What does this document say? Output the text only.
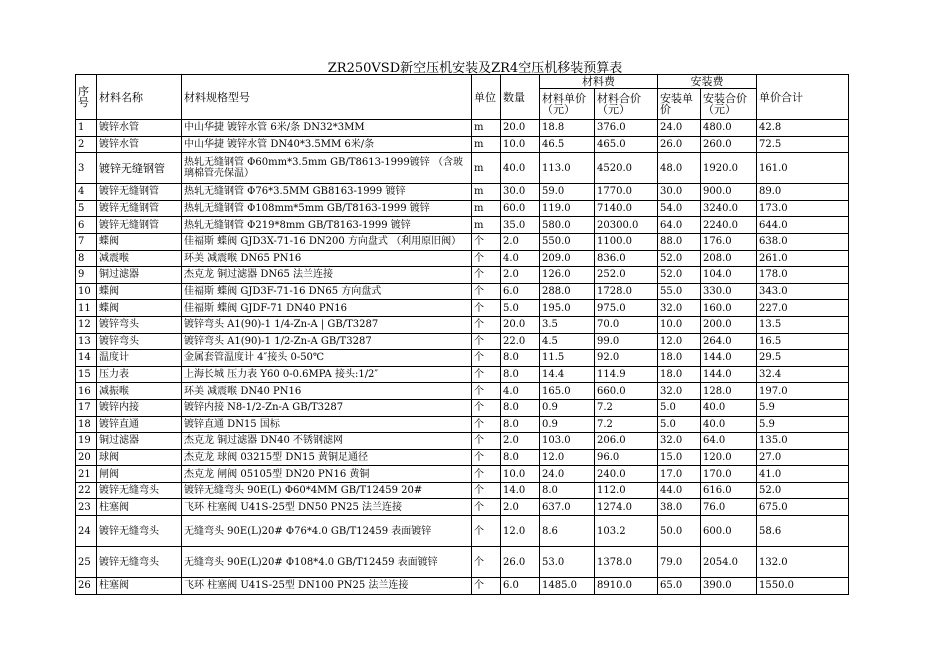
ZR250VSD新空压机安装及ZR4空压机移装预算表
序号	材料名称	材料规格型号	单位	数量	材料费		安装费		单价合计
					材料单价（元）	材料合价（元）	安装单价	安装合价（元）	
1	镀锌水管	中山华捷 镀锌水管 6米/条 DN32*3MM	m	20.0	18.8	376.0	24.0	480.0	42.8
2	镀锌水管	中山华捷 镀锌水管 DN40*3.5MM 6米/条	m	10.0	46.5	465.0	26.0	260.0	72.5
3	镀锌无缝钢管	热轧无缝钢管 Φ60mm*3.5mm GB/T8613-1999镀锌 （含玻璃棉管壳保温）	m	40.0	113.0	4520.0	48.0	1920.0	161.0
4	镀锌无缝钢管	热轧无缝钢管 Φ76*3.5MM GB8163-1999 镀锌	m	30.0	59.0	1770.0	30.0	900.0	89.0
5	镀锌无缝钢管	热轧无缝钢管 Φ108mm*5mm GB/T8163-1999 镀锌	m	60.0	119.0	7140.0	54.0	3240.0	173.0
6	镀锌无缝钢管	热轧无缝钢管 Φ219*8mm GB/T8163-1999 镀锌	m	35.0	580.0	20300.0	64.0	2240.0	644.0
7	蝶阀	佳福斯 蝶阀 GJD3X-71-16 DN200 方向盘式 （利用原旧阀）	个	2.0	550.0	1100.0	88.0	176.0	638.0
8	减震喉	环美 减震喉 DN65 PN16	个	4.0	209.0	836.0	52.0	208.0	261.0
9	铜过滤器	杰克龙 铜过滤器 DN65 法兰连接	个	2.0	126.0	252.0	52.0	104.0	178.0
10	蝶阀	佳福斯 蝶阀 GJD3F-71-16 DN65 方向盘式	个	6.0	288.0	1728.0	55.0	330.0	343.0
11	蝶阀	佳福斯 蝶阀 GJDF-71 DN40 PN16	个	5.0	195.0	975.0	32.0	160.0	227.0
12	镀锌弯头	镀锌弯头 A1(90)-1 1/4-Zn-A | GB/T3287	个	20.0	3.5	70.0	10.0	200.0	13.5
13	镀锌弯头	镀锌弯头 A1(90)-1 1/2-Zn-A GB/T3287	个	22.0	4.5	99.0	12.0	264.0	16.5
14	温度计	金属套管温度计 4″接头 0-50℃	个	8.0	11.5	92.0	18.0	144.0	29.5
15	压力表	上海长城 压力表 Y60 0-0.6MPA 接头:1/2″	个	8.0	14.4	114.9	18.0	144.0	32.4
16	减振喉	环美 减震喉 DN40 PN16	个	4.0	165.0	660.0	32.0	128.0	197.0
17	镀锌内接	镀锌内接 N8-1/2-Zn-A GB/T3287	个	8.0	0.9	7.2	5.0	40.0	5.9
18	镀锌直通	镀锌直通 DN15 国标	个	8.0	0.9	7.2	5.0	40.0	5.9
19	铜过滤器	杰克龙 铜过滤器 DN40 不锈钢滤网	个	2.0	103.0	206.0	32.0	64.0	135.0
20	球阀	杰克龙 球阀 03215型 DN15 黄铜足通径	个	8.0	12.0	96.0	15.0	120.0	27.0
21	闸阀	杰克龙 闸阀 05105型 DN20 PN16 黄铜	个	10.0	24.0	240.0	17.0	170.0	41.0
22	镀锌无缝弯头	镀锌无缝弯头 90E(L) Φ60*4MM GB/T12459 20#	个	14.0	8.0	112.0	44.0	616.0	52.0
23	柱塞阀	飞环 柱塞阀 U41S-25型 DN50 PN25 法兰连接	个	2.0	637.0	1274.0	38.0	76.0	675.0
24	镀锌无缝弯头	无缝弯头 90E(L)20# Φ76*4.0 GB/T12459 表面镀锌	个	12.0	8.6	103.2	50.0	600.0	58.6
25	镀锌无缝弯头	无缝弯头 90E(L)20# Φ108*4.0 GB/T12459 表面镀锌	个	26.0	53.0	1378.0	79.0	2054.0	132.0
26	柱塞阀	飞环 柱塞阀 U41S-25型 DN100 PN25 法兰连接	个	6.0	1485.0	8910.0	65.0	390.0	1550.0
